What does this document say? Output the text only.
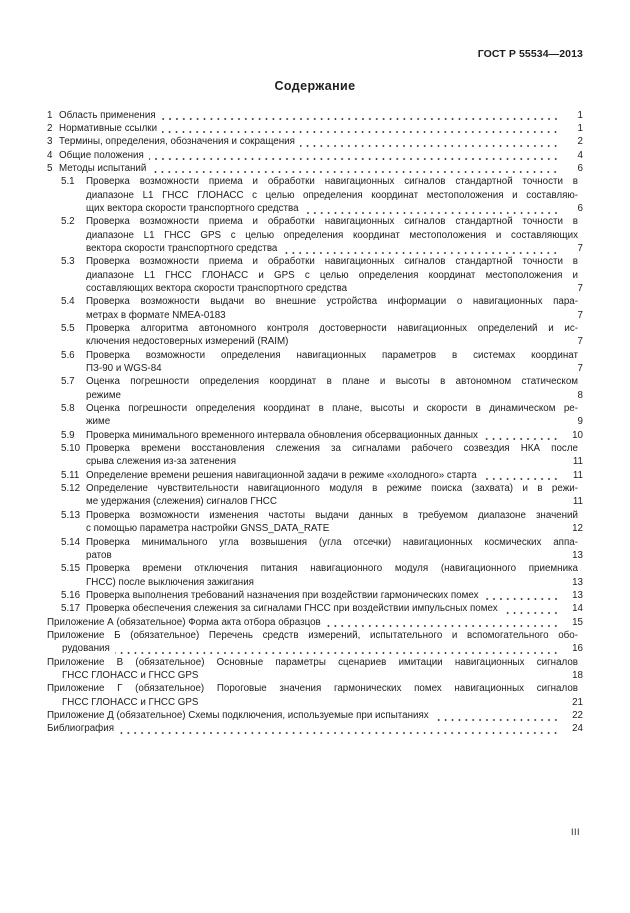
ГОСТ Р 55534—2013
Содержание
1 Область применения	1
2 Нормативные ссылки	1
3 Термины, определения, обозначения и сокращения	2
4 Общие положения	4
5 Методы испытаний	6
5.1 Проверка возможности приема и обработки навигационных сигналов стандартной точности в
диапазоне L1 ГНСС ГЛОНАСС с целью определения координат местоположения и составляю-
щих вектора скорости транспортного средства	6
5.2 Проверка возможности приема и обработки навигационных сигналов стандартной точности в
диапазоне L1 ГНСС GPS с целью определения координат местоположения и составляющих
вектора скорости транспортного средства	7
5.3 Проверка возможности приема и обработки навигационных сигналов стандартной точности в
диапазоне L1 ГНСС ГЛОНАСС и GPS с целью определения координат местоположения и
составляющих вектора скорости транспортного средства	7
5.4 Проверка возможности выдачи во внешние устройства информации о навигационных пара-
метрах в формате NMEA-0183	7
5.5 Проверка алгоритма автономного контроля достоверности навигационных определений и ис-
ключения недостоверных измерений (RAIM)	7
5.6 Проверка возможности определения навигационных параметров в системах координат
ПЗ-90 и WGS-84	7
5.7 Оценка погрешности определения координат в плане и высоты в автономном статическом
режиме	8
5.8 Оценка погрешности определения координат в плане, высоты и скорости в динамическом ре-
жиме	9
5.9 Проверка минимального временного интервала обновления обсервационных данных	10
5.10 Проверка времени восстановления слежения за сигналами рабочего созвездия НКА после
срыва слежения из-за затенения	11
5.11 Определение времени решения навигационной задачи в режиме «холодного» старта	11
5.12 Определение чувствительности навигационного модуля в режиме поиска (захвата) и в режи-
ме удержания (слежения) сигналов ГНСС	11
5.13 Проверка возможности изменения частоты выдачи данных в требуемом диапазоне значений
с помощью параметра настройки GNSS_DATA_RATE	12
5.14 Проверка минимального угла возвышения (угла отсечки) навигационных космических аппа-
ратов	13
5.15 Проверка времени отключения питания навигационного модуля (навигационного приемника
ГНСС) после выключения зажигания	13
5.16 Проверка выполнения требований назначения при воздействии гармонических помех	13
5.17 Проверка обеспечения слежения за сигналами ГНСС при воздействии импульсных помех	14
Приложение А (обязательное) Форма акта отбора образцов	15
Приложение Б (обязательное) Перечень средств измерений, испытательного и вспомогательного обо-
рудования	16
Приложение В (обязательное) Основные параметры сценариев имитации навигационных сигналов
ГНСС ГЛОНАСС и ГНСС GPS	18
Приложение Г (обязательное) Пороговые значения гармонических помех навигационных сигналов
ГНСС ГЛОНАСС и ГНСС GPS	21
Приложение Д (обязательное) Схемы подключения, используемые при испытаниях	22
Библиография	24
III
